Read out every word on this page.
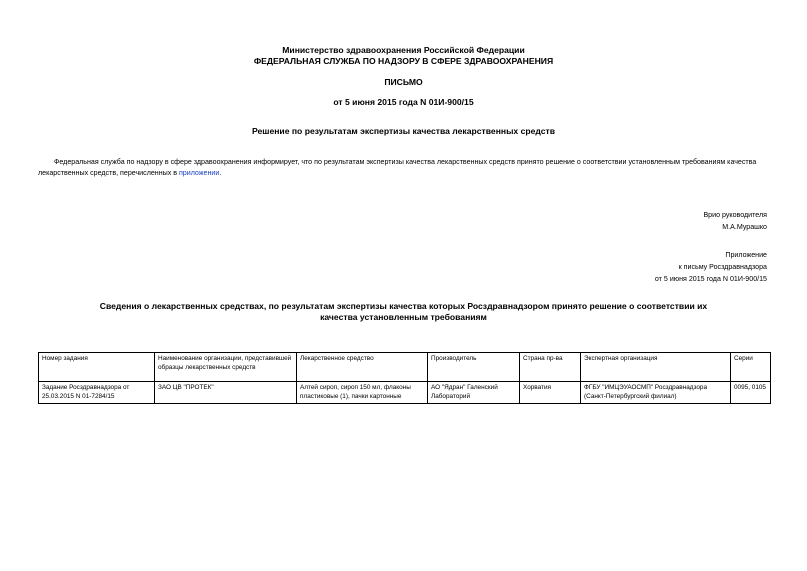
Министерство здравоохранения Российской Федерации
ФЕДЕРАЛЬНАЯ СЛУЖБА ПО НАДЗОРУ В СФЕРЕ ЗДРАВООХРАНЕНИЯ
ПИСЬМО
от 5 июня 2015 года N 01И-900/15
Решение по результатам экспертизы качества лекарственных средств
Федеральная служба по надзору в сфере здравоохранения информирует, что по результатам экспертизы качества лекарственных средств принято решение о соответствии установленным требованиям качества лекарственных средств, перечисленных в приложении.
Врио руководителя
М.А.Мурашко
Приложение
к письму Росздравнадзора
от 5 июня 2015 года N 01И-900/15
Сведения о лекарственных средствах, по результатам экспертизы качества которых Росздравнадзором принято решение о соответствии их качества установленным требованиям
Номер задания	Наименование организации, представившей образцы лекарственных средств	Лекарственное средство	Производитель	Страна пр-ва	Экспертная организация	Серии
Задание Росздравнадзора от 25.03.2015 N 01-7284/15	ЗАО ЦВ "ПРОТЕК"	Алтей сироп, сироп 150 мл, флаконы пластиковые (1), пачки картонные	АО "Ядран" Галенский Лабораторий	Хорватия	ФГБУ "ИМЦЭУАОСМП" Росздравнадзора (Санкт-Петербургский филиал)	0095, 0105
